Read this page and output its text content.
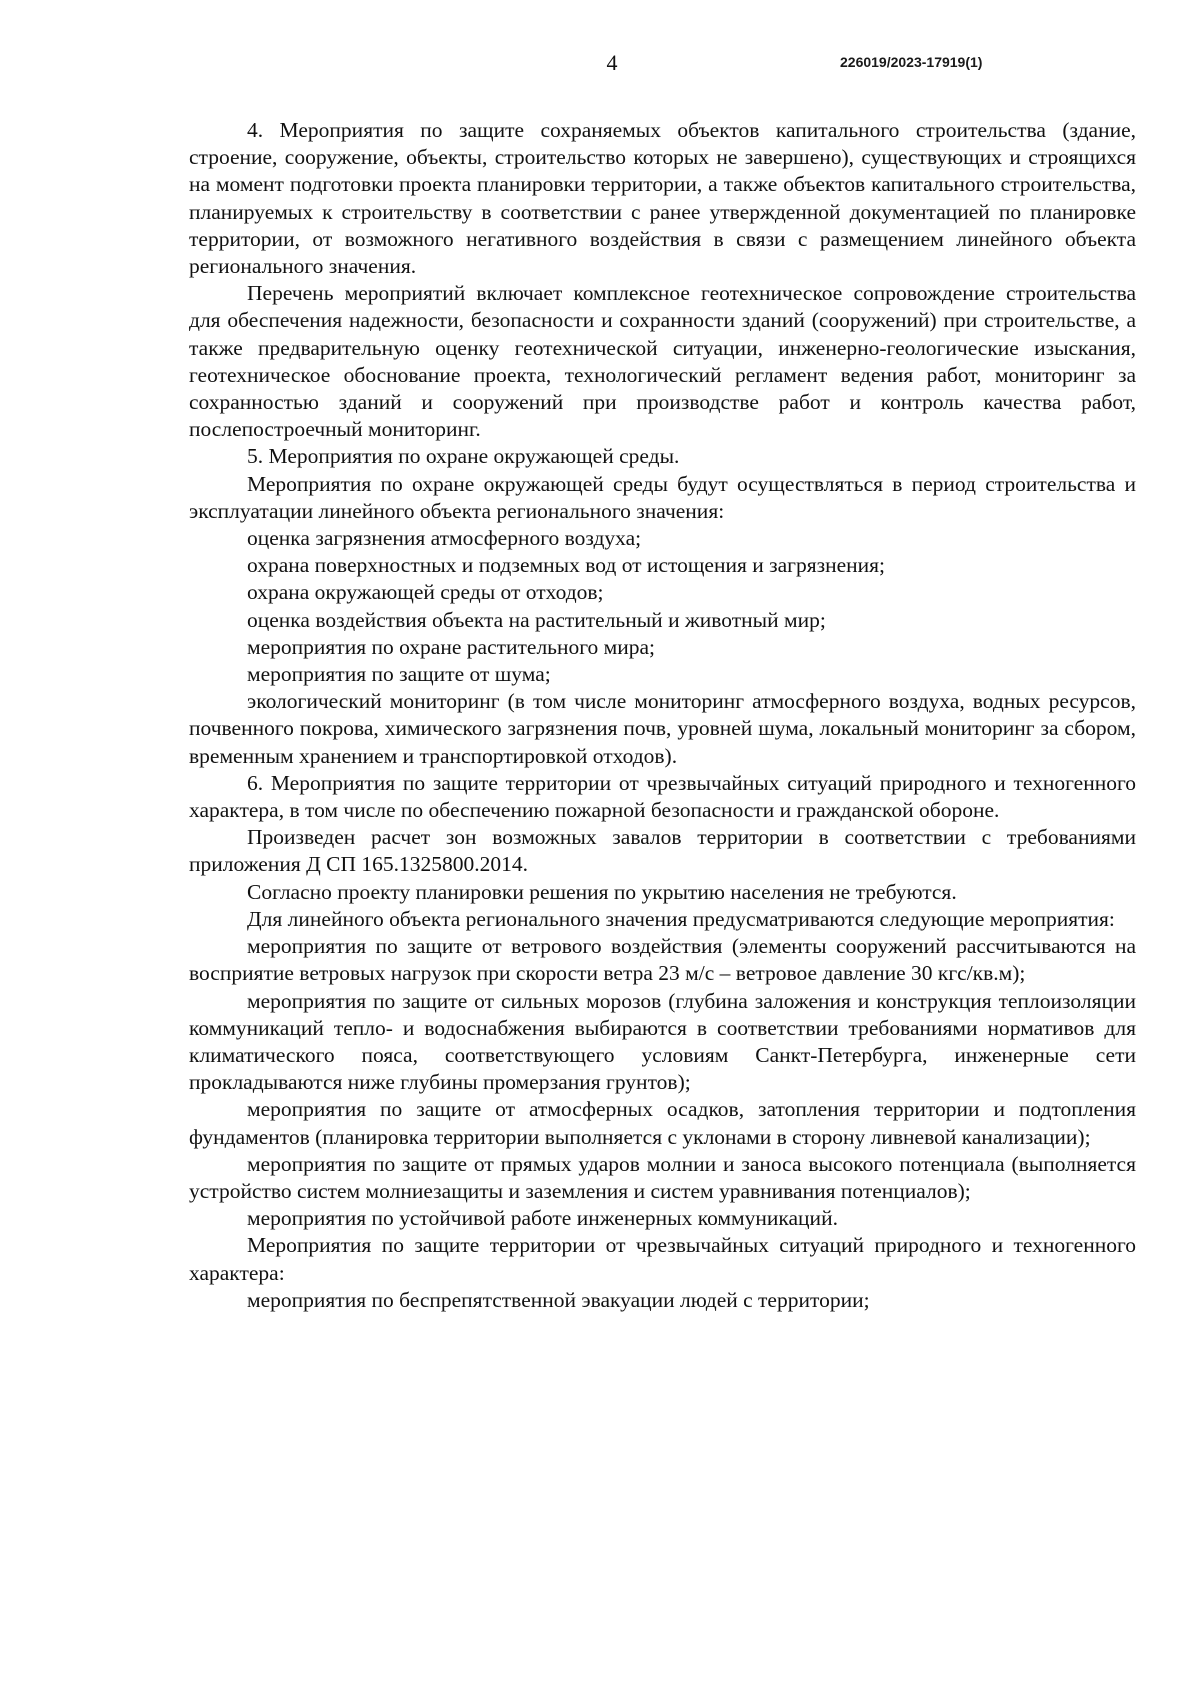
4	226019/2023-17919(1)

4. Мероприятия по защите сохраняемых объектов капитального строительства (здание, строение, сооружение, объекты, строительство которых не завершено), существующих и строящихся на момент подготовки проекта планировки территории, а также объектов капитального строительства, планируемых к строительству в соответствии с ранее утвержденной документацией по планировке территории, от возможного негативного воздействия в связи с размещением линейного объекта регионального значения.

Перечень мероприятий включает комплексное геотехническое сопровождение строительства для обеспечения надежности, безопасности и сохранности зданий (сооружений) при строительстве, а также предварительную оценку геотехнической ситуации, инженерно-геологические изыскания, геотехническое обоснование проекта, технологический регламент ведения работ, мониторинг за сохранностью зданий и сооружений при производстве работ и контроль качества работ, послепостроечный мониторинг.

5. Мероприятия по охране окружающей среды.

Мероприятия по охране окружающей среды будут осуществляться в период строительства и эксплуатации линейного объекта регионального значения:

оценка загрязнения атмосферного воздуха;

охрана поверхностных и подземных вод от истощения и загрязнения;

охрана окружающей среды от отходов;

оценка воздействия объекта на растительный и животный мир;

мероприятия по охране растительного мира;

мероприятия по защите от шума;

экологический мониторинг (в том числе мониторинг атмосферного воздуха, водных ресурсов, почвенного покрова, химического загрязнения почв, уровней шума, локальный мониторинг за сбором, временным хранением и транспортировкой отходов).

6. Мероприятия по защите территории от чрезвычайных ситуаций природного и техногенного характера, в том числе по обеспечению пожарной безопасности и гражданской обороне.

Произведен расчет зон возможных завалов территории в соответствии с требованиями приложения Д СП 165.1325800.2014.

Согласно проекту планировки решения по укрытию населения не требуются.

Для линейного объекта регионального значения предусматриваются следующие мероприятия:

мероприятия по защите от ветрового воздействия (элементы сооружений рассчитываются на восприятие ветровых нагрузок при скорости ветра 23 м/с – ветровое давление 30 кгс/кв.м);

мероприятия по защите от сильных морозов (глубина заложения и конструкция теплоизоляции коммуникаций тепло- и водоснабжения выбираются в соответствии требованиями нормативов для климатического пояса, соответствующего условиям Санкт-Петербурга, инженерные сети прокладываются ниже глубины промерзания грунтов);

мероприятия по защите от атмосферных осадков, затопления территории и подтопления фундаментов (планировка территории выполняется с уклонами в сторону ливневой канализации);

мероприятия по защите от прямых ударов молнии и заноса высокого потенциала (выполняется устройство систем молниезащиты и заземления и систем уравнивания потенциалов);

мероприятия по устойчивой работе инженерных коммуникаций.

Мероприятия по защите территории от чрезвычайных ситуаций природного и техногенного характера:

мероприятия по беспрепятственной эвакуации людей с территории;
